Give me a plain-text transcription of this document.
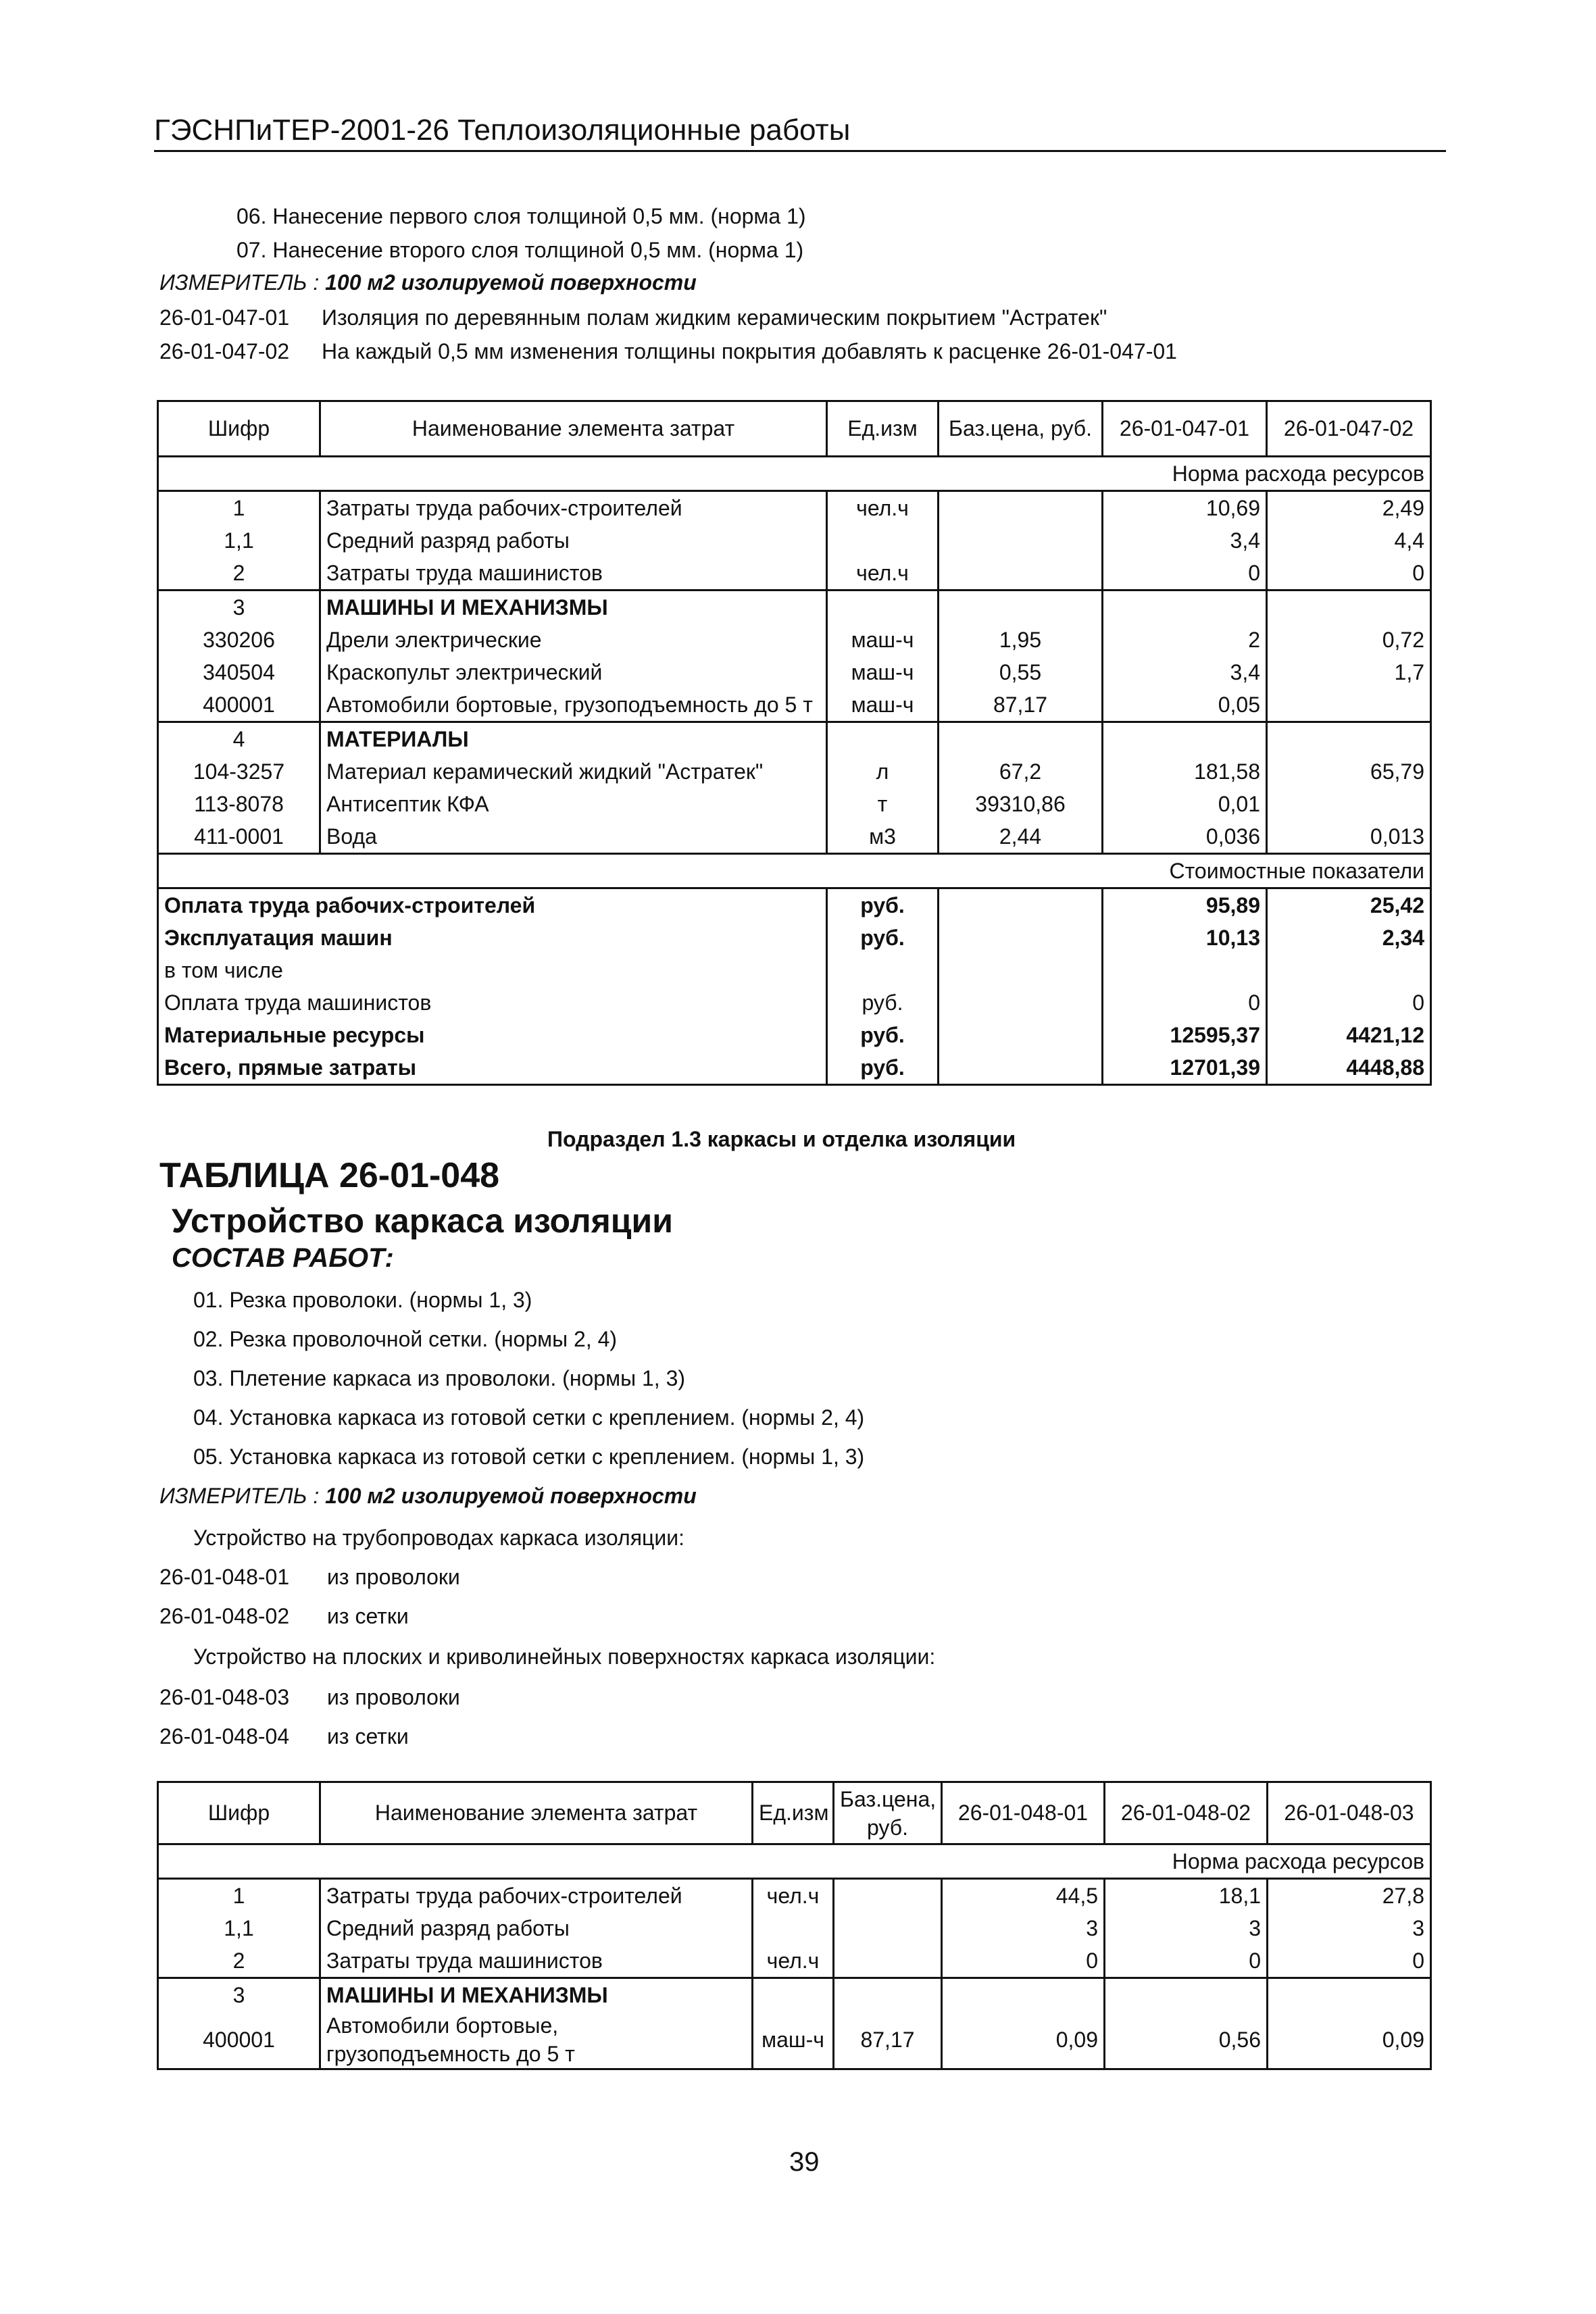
ГЭСНПиТЕР-2001-26 Теплоизоляционные работы
06. Нанесение первого слоя толщиной 0,5 мм. (норма 1)
07. Нанесение второго слоя толщиной 0,5 мм. (норма 1)
ИЗМЕРИТЕЛЬ : 100 м2 изолируемой поверхности
26-01-047-01 Изоляция по деревянным полам жидким керамическим покрытием "Астратек"
26-01-047-02 На каждый 0,5 мм изменения толщины покрытия добавлять к расценке 26-01-047-01
Шифр	Наименование элемента затрат	Ед.изм	Баз.цена, руб.	26-01-047-01	26-01-047-02
Норма расхода ресурсов					
1	Затраты труда рабочих-строителей	чел.ч		10,69	2,49
1,1	Средний разряд работы			3,4	4,4
2	Затраты труда машинистов	чел.ч		0	0
3	МАШИНЫ И МЕХАНИЗМЫ				
330206	Дрели электрические	маш-ч	1,95	2	0,72
340504	Краскопульт электрический	маш-ч	0,55	3,4	1,7
400001	Автомобили бортовые, грузоподъемность до 5 т	маш-ч	87,17	0,05	
4	МАТЕРИАЛЫ				
104-3257	Материал керамический жидкий "Астратек"	л	67,2	181,58	65,79
113-8078	Антисептик КФА	т	39310,86	0,01	
411-0001	Вода	м3	2,44	0,036	0,013
Стоимостные показатели					
Оплата труда рабочих-строителей		руб.		95,89	25,42
Эксплуатация машин		руб.		10,13	2,34
в том числе					
Оплата труда машинистов		руб.		0	0
Материальные ресурсы		руб.		12595,37	4421,12
Всего, прямые затраты		руб.		12701,39	4448,88
Подраздел 1.3 каркасы и отделка изоляции
ТАБЛИЦА 26-01-048
Устройство каркаса изоляции
СОСТАВ РАБОТ:
01. Резка проволоки. (нормы 1, 3)
02. Резка проволочной сетки. (нормы 2, 4)
03. Плетение каркаса из проволоки. (нормы 1, 3)
04. Установка каркаса из готовой сетки с креплением. (нормы 2, 4)
05. Установка каркаса из готовой сетки с креплением. (нормы 1, 3)
ИЗМЕРИТЕЛЬ : 100 м2 изолируемой поверхности
Устройство на трубопроводах каркаса изоляции:
26-01-048-01 из проволоки
26-01-048-02 из сетки
Устройство на плоских и криволинейных поверхностях каркаса изоляции:
26-01-048-03 из проволоки
26-01-048-04 из сетки
Шифр	Наименование элемента затрат	Ед.изм	Баз.цена, руб.	26-01-048-01	26-01-048-02	26-01-048-03
Норма расхода ресурсов						
1	Затраты труда рабочих-строителей	чел.ч		44,5	18,1	27,8
1,1	Средний разряд работы			3	3	3
2	Затраты труда машинистов	чел.ч		0	0	0
3	МАШИНЫ И МЕХАНИЗМЫ					
400001	Автомобили бортовые, грузоподъемность до 5 т	маш-ч	87,17	0,09	0,56	0,09
39
